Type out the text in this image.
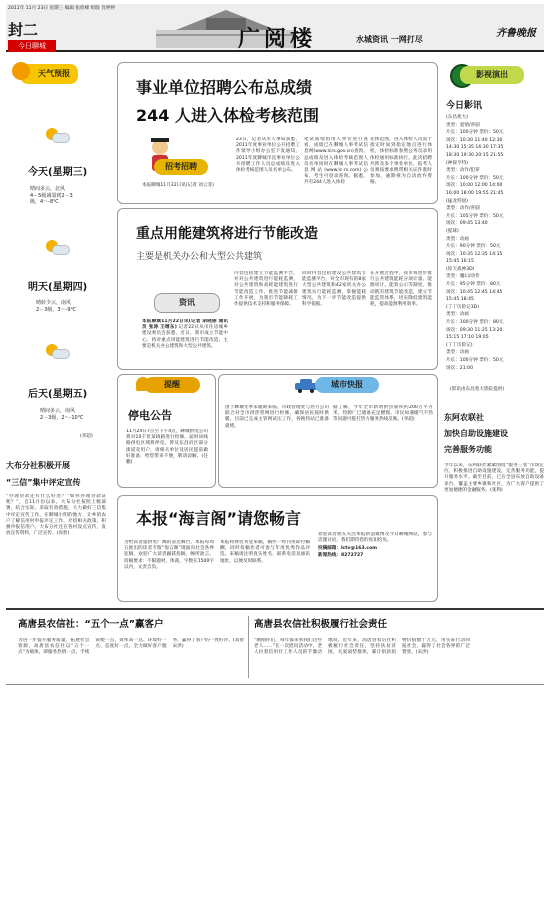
2011年 11月 23日 星期三 编辑 张欣峰 组版 肖婷婷
封二
今日聊城	广阅楼	水城资讯 一网打尽
齐鲁晚报
天气预报
今天(星期三)
晴间多云，北风
4－5级减弱到2－3
级，4～-8℃
明天(星期四)
晴转少云，南风
2－3级，3～-9℃
后天(星期五)
晴间多云，南风
2－3级，2～-10℃
(李超)
大布分社积极开展
“三信”集中评定宣传
“办理贷款还有什么好处？”如何办理贷款证呢？”，自11月份以来，大布分社按照上级部署，结合实际，采取有效措施，大力做好三信集中评定宣传工作。在聊城小明的地方，让乡的农户了解信用村申报评定工作，介绍相关政策，积极申报信用户。大布分社还在各村设点宣传，发放宣传资料，广泛宣传。(高智)
事业单位招聘公布总成绩
244 人进入体检考核范围
招考招聘
本报聊城11月22日讯(记者 刘云菲)
23日，记者从市人事局获悉，2011年度事业单位公开招聘工作领导小组办公室下发通知，2011年度聊城市直事业单位公开招聘工作人员总成绩及进入体检考核范围人员名单公布。
笔试成绩由用人单位进行查看，成绩已在聊城人事考试信息网(www.lcrs.gov.cn)查询。总成绩及进入体检考核范围人员名单同时在聊城人事考试信息网站(www.lc-rs.com)公布，考生可登录查询。据悉，共有244人进入体检
先体范围，进入体检人员需于指定时间到指定地点进行体检，体检标准参照公务员录用体检通用标准执行。此次招聘共涉及多个事业单位，报考人员须按要求携带相关证件准时参加，逾期视为自动放弃资格。
重点用能建筑将进行节能改造
主要是机关办公和大型公共建筑
资讯
本报聊城11月22日讯(记者 胡晓丽 通讯员 张涛 王继东) 记者22日从市住房城乡建设委员会获悉，近日，我市成立节能中心，将对重点用能建筑进行节能改造，主要是机关办公建筑和大型公共建筑。
内容包括建立节能监测平台，并对公共建筑进行能耗监测，对公共建筑和高耗能建筑进行节能改造工作，推进节能减排工作开展，为我市节能降耗工作提供技术支持和服务保障。
同时内容包括建设公共建筑节能监测平台，对全市现有的8家大型公共建筑和42家机关办公建筑实行能耗监测，掌握能耗情况，为下一步节能改造提供科学依据。
在开展过程中，我市将逐步推行公共建筑能耗分项计量、能源审计、能效公示等制度，推动既有建筑节能改造，建立节能监管体系，切实降低建筑能耗，提高能源利用效率。
提醒
停电公告
11月24日7点至下午4点，聊城供电公司将对10千伏某线路进行检修，届时该线路供电区域将停电，涉及东昌府区部分街道及用户，请相关单位及居民提前做好准备，给您带来不便，敬请谅解。(任鹏)
城市快报
由于聊城冬季采暖期来临，市政管理处与热力公司联合对全市供热管网进行检修，确保居民按时供暖。目前已完成主管网试压工作，各换热站已准备就绪。
据了解，今年全市新增供热面积约200万平方米，热源厂已储备充足燃煤。市民如遇暖气不热等问题可拨打热力服务热线反映。(李超)
本报“海言阁”请您畅言
为给读者提供更广阔的表达舞台，本报每周五推出的读者专版“海言阁”现面向社会各界征稿，欢迎广大读者踊跃投稿，畅所欲言。投稿要求：不限题材，体裁，字数在1500字以内，文责自负。
本报将择优刊登来稿，稿件一经刊用即付稿酬，同时投稿作者可参与年度优秀作品评选。来稿请注明真实姓名、联系电话及通讯地址，以便及时联系。
欢迎读者朋友关注本报新浪微博及今日聊城网站，参与话题讨论，我们期待您的真知灼见。
投稿邮箱：lctv@163.com
新闻热线：8272727
影视演出
今日影讯
(东昌苑大)
类型：爱情/喜剧
片长：100分钟 票价：50元
场次：10:30 11:40 12:30
14:30 15:35 16:30 17:35
18:30 19:30 20:15 21:55
(神探亨特)
类型：动作/犯罪
片长：100分钟 票价：50元
场次：10:00 12:00 14:00
16:00 18:00 19:55 21:45
(猛龙特囧)
类型：动作/喜剧
片长：105分钟 票价：50元
场次：09:45 13:40
(猩球)
类型：动画
片长：90分钟 票价：50元
场次：10:35 12:35 14:15
15:45 16:15
(惊天战神3D)
类型：魔幻/动作
片长：95分钟 票价：80元
场次：10:45 12:45 14:45
15:45 18:45
(丁丁历险记3D)
类型：动画
片长：100分钟 票价：80元
场次：09:30 11:25 13:20
15:15 17:10 19:05
(丁丁历险记)
类型：动画
片长：100分钟 票价：50元
场次：21:00
(影讯由东昌苑大影院提供)
东阿农联社
加快自助设施建设
完善服务功能
今年以来，东阿联社紧紧围绕“服务三农”市场定位，积极推进自助设施建设，完善服务功能，提升服务水平。截至目前，已在全县布放自助设备多台，覆盖主要乡镇和社区，为广大客户提供了更加便捷的金融服务。(张利)
高唐县农信社：“五个一点”赢客户
为进一步提升服务质量，拓展社会客源，高唐县农信社以“五个一点”为载体，即服务热情一点、手续简便一点、效率高一点、环境好一点、态度好一点，全力做好客户服务，赢得了客户的一致好评。(高智 宋洪)
高唐县农信社积极履行社会责任
“刚刚你们，每年都来看我们这些老人……”在一次慰问活动中，老人拉着信用社工作人员的手激动地说。近年来，高唐县农信社积极履行社会责任，坚持扶贫济困，关爱弱势群体，累计捐款捐物价值数十万元，用实际行动回报社会，赢得了社会各界的广泛赞誉。(宋洪)
